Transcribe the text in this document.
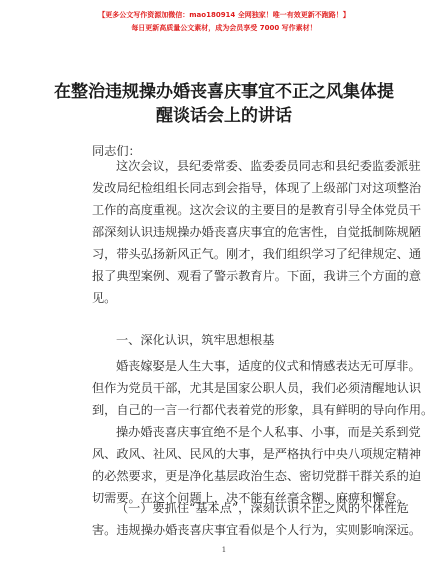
【更多公文写作资源加微信：mao180914 全网独家！唯一有效更新不跑路！】
每日更新高质量公文素材，成为会员享受 7000 写作素材！
在整治违规操办婚丧喜庆事宜不正之风集体提
醒谈话会上的讲话
同志们：
这次会议，县纪委常委、监委委员同志和县纪委监委派驻
发改局纪检组组长同志到会指导，体现了上级部门对这项整治
工作的高度重视。这次会议的主要目的是教育引导全体党员干
部深刻认识违规操办婚丧喜庆事宜的危害性，自觉抵制陈规陋
习，带头弘扬新风正气。刚才，我们组织学习了纪律规定、通
报了典型案例、观看了警示教育片。下面，我讲三个方面的意
见。
一、深化认识，筑牢思想根基
婚丧嫁娶是人生大事，适度的仪式和情感表达无可厚非。
但作为党员干部，尤其是国家公职人员，我们必须清醒地认识
到，自己的一言一行都代表着党的形象，具有鲜明的导向作用。
操办婚丧喜庆事宜绝不是个人私事、小事，而是关系到党
风、政风、社风、民风的大事，是严格执行中央八项规定精神
的必然要求，更是净化基层政治生态、密切党群干群关系的迫
切需要。在这个问题上，决不能有丝毫含糊、麻痹和懈怠。
（一）要抓住“基本点”，深刻认识不正之风的个体性危
害。违规操办婚丧喜庆事宜看似是个人行为，实则影响深远。
1
